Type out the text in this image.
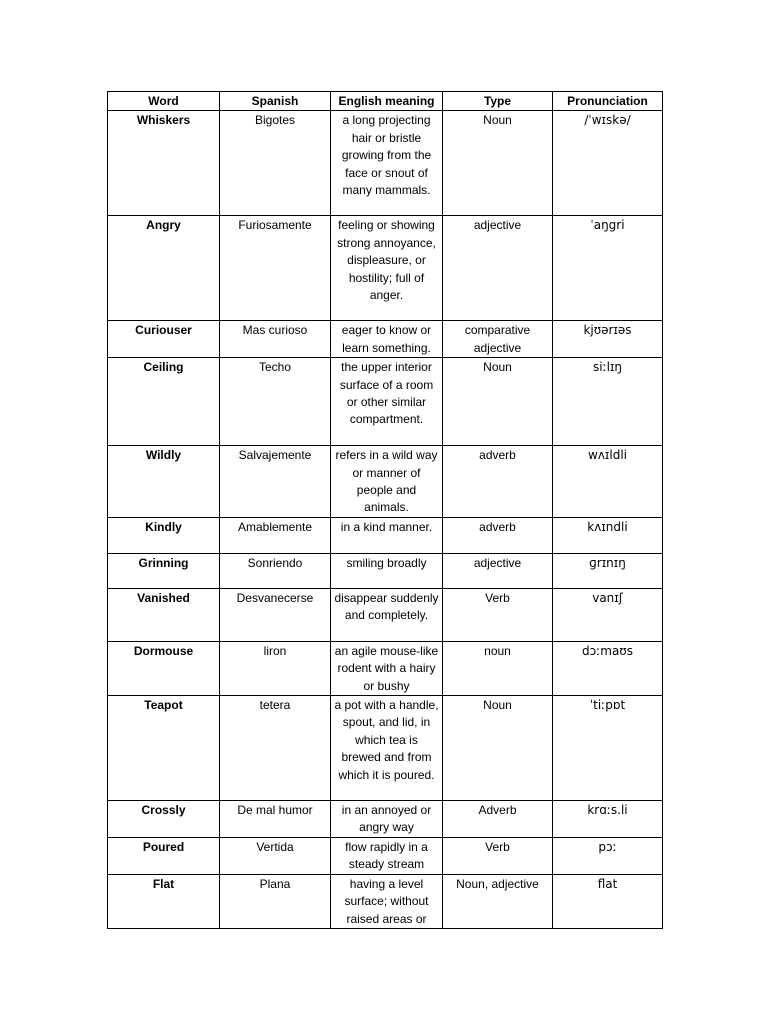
Word	Spanish	English meaning	Type	Pronunciation
Whiskers	Bigotes	a long projecting hair or bristle growing from the face or snout of many mammals.	Noun	/ˈwɪskə/
Angry	Furiosamente	feeling or showing strong annoyance, displeasure, or hostility; full of anger.	adjective	ˈaŋgri
Curiouser	Mas curioso	eager to know or learn something.	comparative adjective	kjʊərɪəs
Ceiling	Techo	the upper interior surface of a room or other similar compartment.	Noun	siːlɪŋ
Wildly	Salvajemente	refers in a wild way or manner of people and animals.	adverb	wʌɪldli
Kindly	Amablemente	in a kind manner.	adverb	kʌɪndli
Grinning	Sonriendo	smiling broadly	adjective	ɡrɪnɪŋ
Vanished	Desvanecerse	disappear suddenly and completely.	Verb	vanɪʃ
Dormouse	liron	an agile mouse-like rodent with a hairy or bushy	noun	dɔːmaʊs
Teapot	tetera	a pot with a handle, spout, and lid, in which tea is brewed and from which it is poured.	Noun	ˈtiːpɒt
Crossly	De mal humor	in an annoyed or angry way	Adverb	krɑːs.li
Poured	Vertida	flow rapidly in a steady stream	Verb	pɔː
Flat	Plana	having a level surface; without raised areas or	Noun, adjective	flat
